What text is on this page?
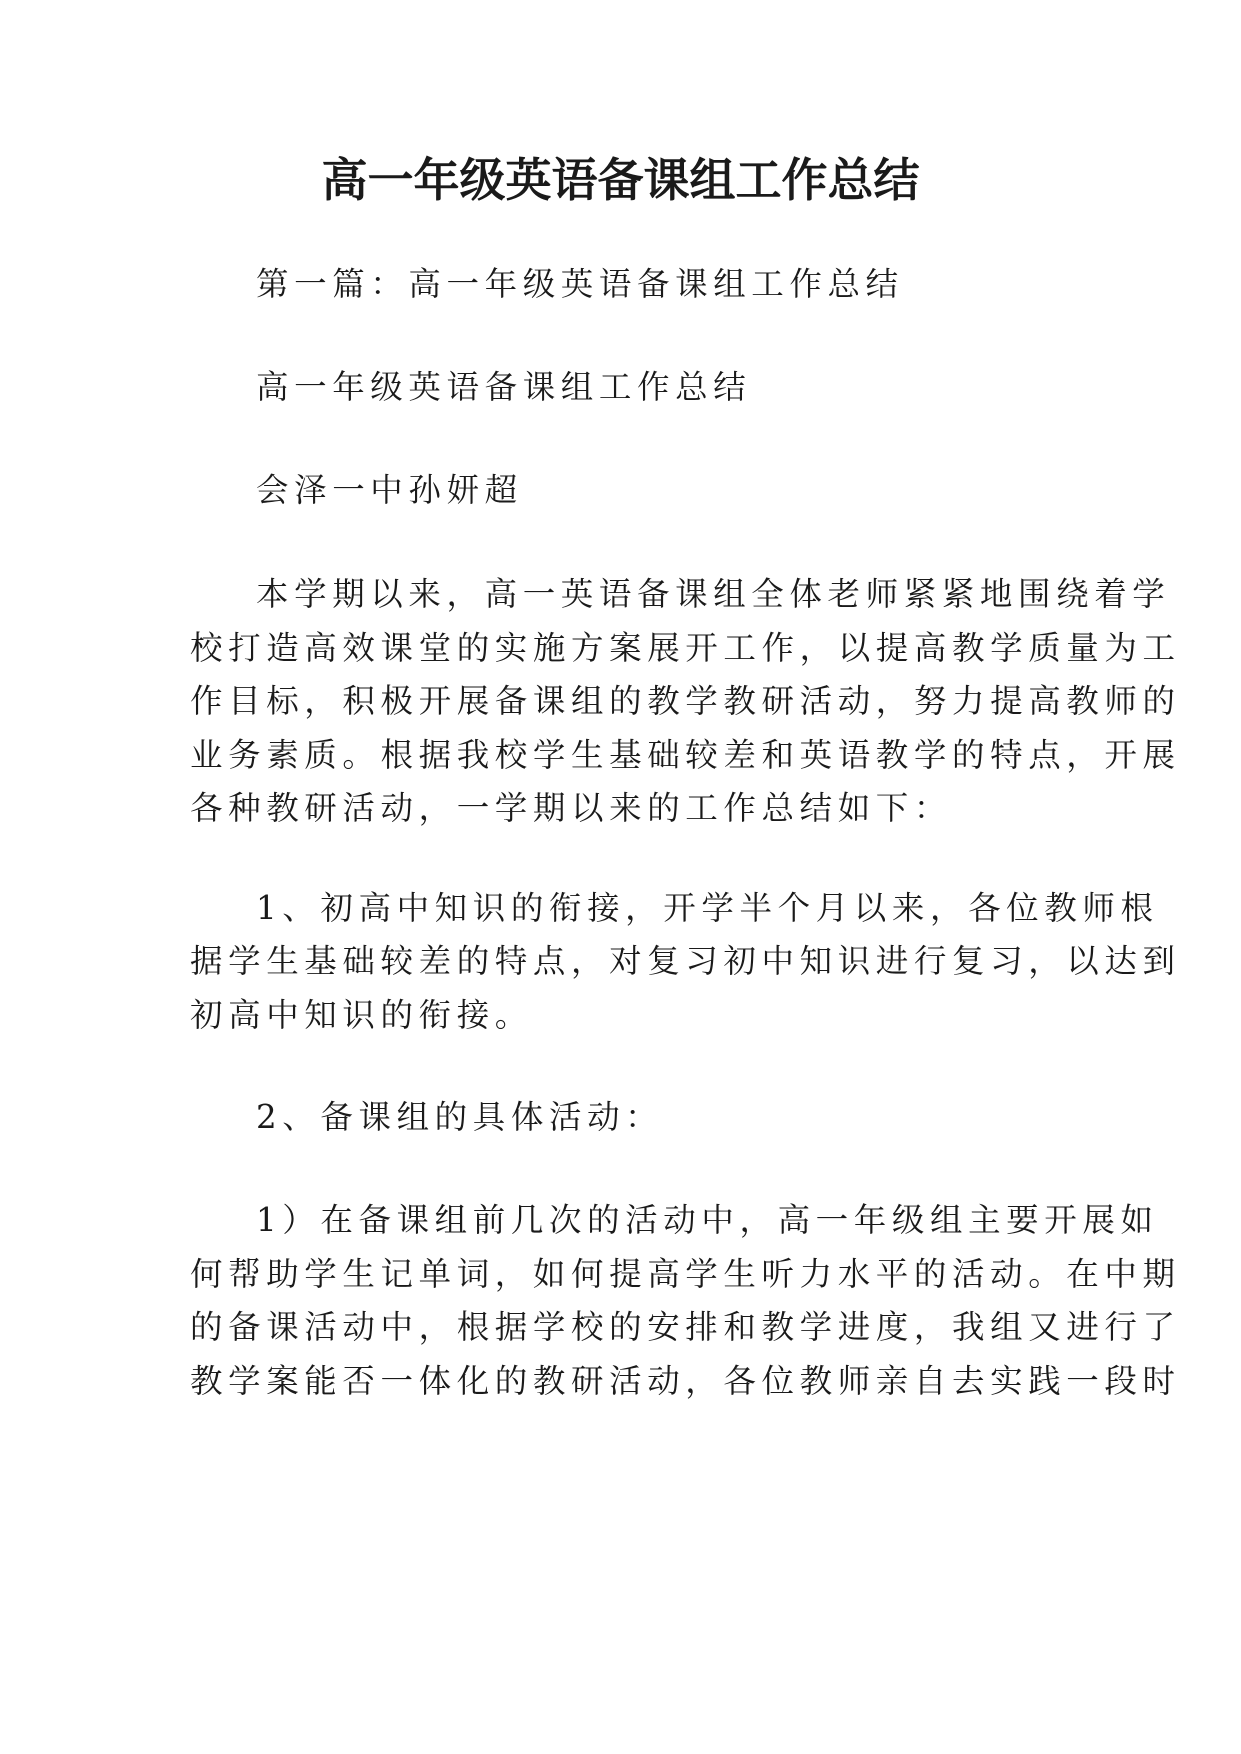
高一年级英语备课组工作总结

第一篇：高一年级英语备课组工作总结

高一年级英语备课组工作总结

会泽一中孙妍超

本学期以来，高一英语备课组全体老师紧紧地围绕着学

校打造高效课堂的实施方案展开工作，以提高教学质量为工

作目标，积极开展备课组的教学教研活动，努力提高教师的

业务素质。根据我校学生基础较差和英语教学的特点，开展

各种教研活动，一学期以来的工作总结如下：

1、初高中知识的衔接，开学半个月以来，各位教师根

据学生基础较差的特点，对复习初中知识进行复习，以达到

初高中知识的衔接。

2、备课组的具体活动：

1）在备课组前几次的活动中，高一年级组主要开展如

何帮助学生记单词，如何提高学生听力水平的活动。在中期

的备课活动中，根据学校的安排和教学进度，我组又进行了

教学案能否一体化的教研活动，各位教师亲自去实践一段时
